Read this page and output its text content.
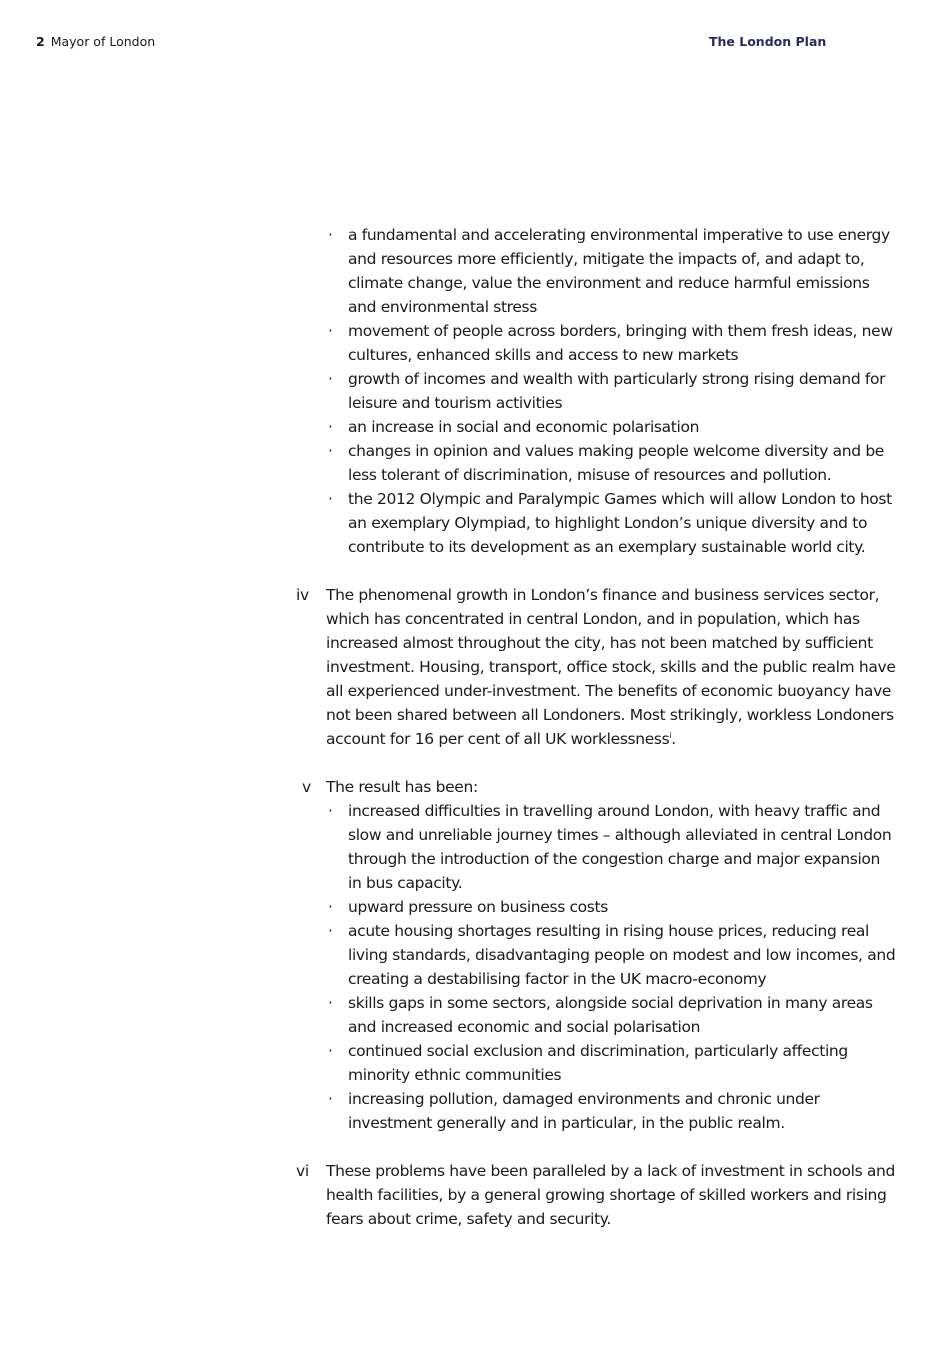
2 Mayor of London	The London Plan
· a fundamental and accelerating environmental imperative to use energy and resources more efficiently, mitigate the impacts of, and adapt to, climate change, value the environment and reduce harmful emissions and environmental stress
· movement of people across borders, bringing with them fresh ideas, new cultures, enhanced skills and access to new markets
· growth of incomes and wealth with particularly strong rising demand for leisure and tourism activities
· an increase in social and economic polarisation
· changes in opinion and values making people welcome diversity and be less tolerant of discrimination, misuse of resources and pollution.
· the 2012 Olympic and Paralympic Games which will allow London to host an exemplary Olympiad, to highlight London’s unique diversity and to contribute to its development as an exemplary sustainable world city.

iv The phenomenal growth in London’s finance and business services sector, which has concentrated in central London, and in population, which has increased almost throughout the city, has not been matched by sufficient investment. Housing, transport, office stock, skills and the public realm have all experienced under-investment. The benefits of economic buoyancy have not been shared between all Londoners. Most strikingly, workless Londoners account for 16 per cent of all UK worklessness$^i$.

v The result has been:
· increased difficulties in travelling around London, with heavy traffic and slow and unreliable journey times – although alleviated in central London through the introduction of the congestion charge and major expansion in bus capacity.
· upward pressure on business costs
· acute housing shortages resulting in rising house prices, reducing real living standards, disadvantaging people on modest and low incomes, and creating a destabilising factor in the UK macro-economy
· skills gaps in some sectors, alongside social deprivation in many areas and increased economic and social polarisation
· continued social exclusion and discrimination, particularly affecting minority ethnic communities
· increasing pollution, damaged environments and chronic under investment generally and in particular, in the public realm.

vi These problems have been paralleled by a lack of investment in schools and health facilities, by a general growing shortage of skilled workers and rising fears about crime, safety and security.
